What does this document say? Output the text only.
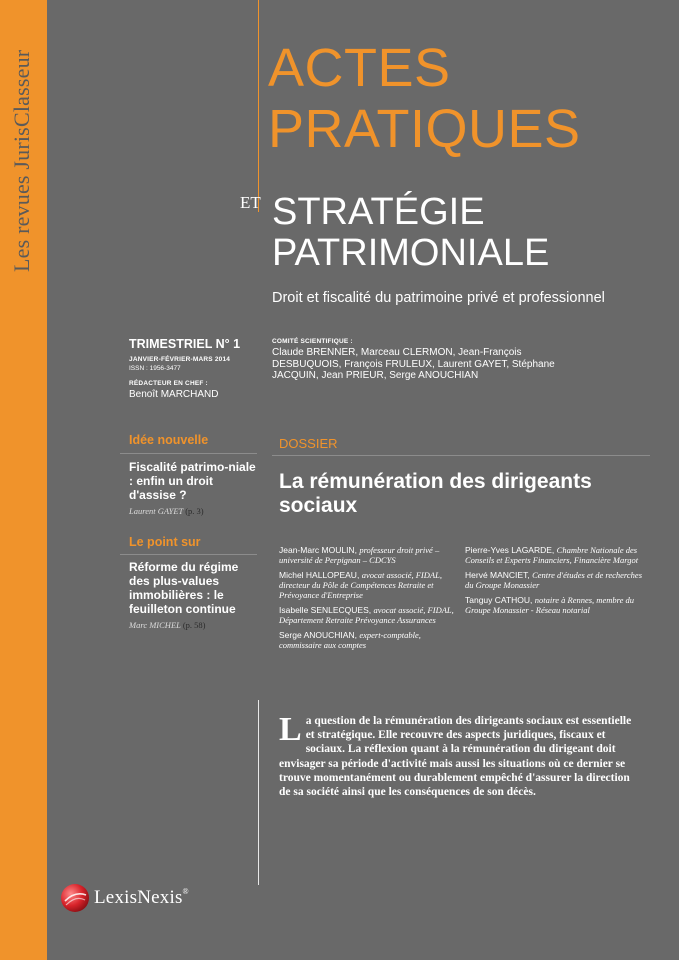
Les revues JurisClasseur	ACTES
PRATIQUES
ET STRATÉGIE
PATRIMONIALE
Droit et fiscalité du patrimoine privé et professionnel
TRIMESTRIEL N° 1
JANVIER-FÉVRIER-MARS 2014
ISSN : 1956-3477
RÉDACTEUR EN CHEF :
Benoît MARCHAND
COMITÉ SCIENTIFIQUE :
Claude BRENNER, Marceau CLERMON, Jean-François DESBUQUOIS, François FRULEUX, Laurent GAYET, Stéphane JACQUIN, Jean PRIEUR, Serge ANOUCHIAN
Idée nouvelle
Fiscalité patrimo-niale : enfin un droit d'assise ?
Laurent GAYET (p. 3)
Le point sur
Réforme du régime des plus-values immobilières : le feuilleton continue
Marc MICHEL (p. 58)
DOSSIER
La rémunération des dirigeants sociaux
Jean-Marc MOULIN, professeur droit privé – université de Perpignan – CDCYS
Michel HALLOPEAU, avocat associé, FIDAL, directeur du Pôle de Compétences Retraite et Prévoyance d'Entreprise
Isabelle SENLECQUES, avocat associé, FIDAL, Département Retraite Prévoyance Assurances
Serge ANOUCHIAN, expert-comptable, commissaire aux comptes
Pierre-Yves LAGARDE, Chambre Nationale des Conseils et Experts Financiers, Financière Margot
Hervé MANCIET, Centre d'études et de recherches du Groupe Monassier
Tanguy CATHOU, notaire à Rennes, membre du Groupe Monassier - Réseau notarial
La question de la rémunération des dirigeants sociaux est essentielle et stratégique. Elle recouvre des aspects juridiques, fiscaux et sociaux. La réflexion quant à la rémunération du dirigeant doit envisager sa période d'activité mais aussi les situations où ce dernier se trouve momentanément ou durablement empêché d'assurer la direction de sa société ainsi que les conséquences de son décès.
LexisNexis®
